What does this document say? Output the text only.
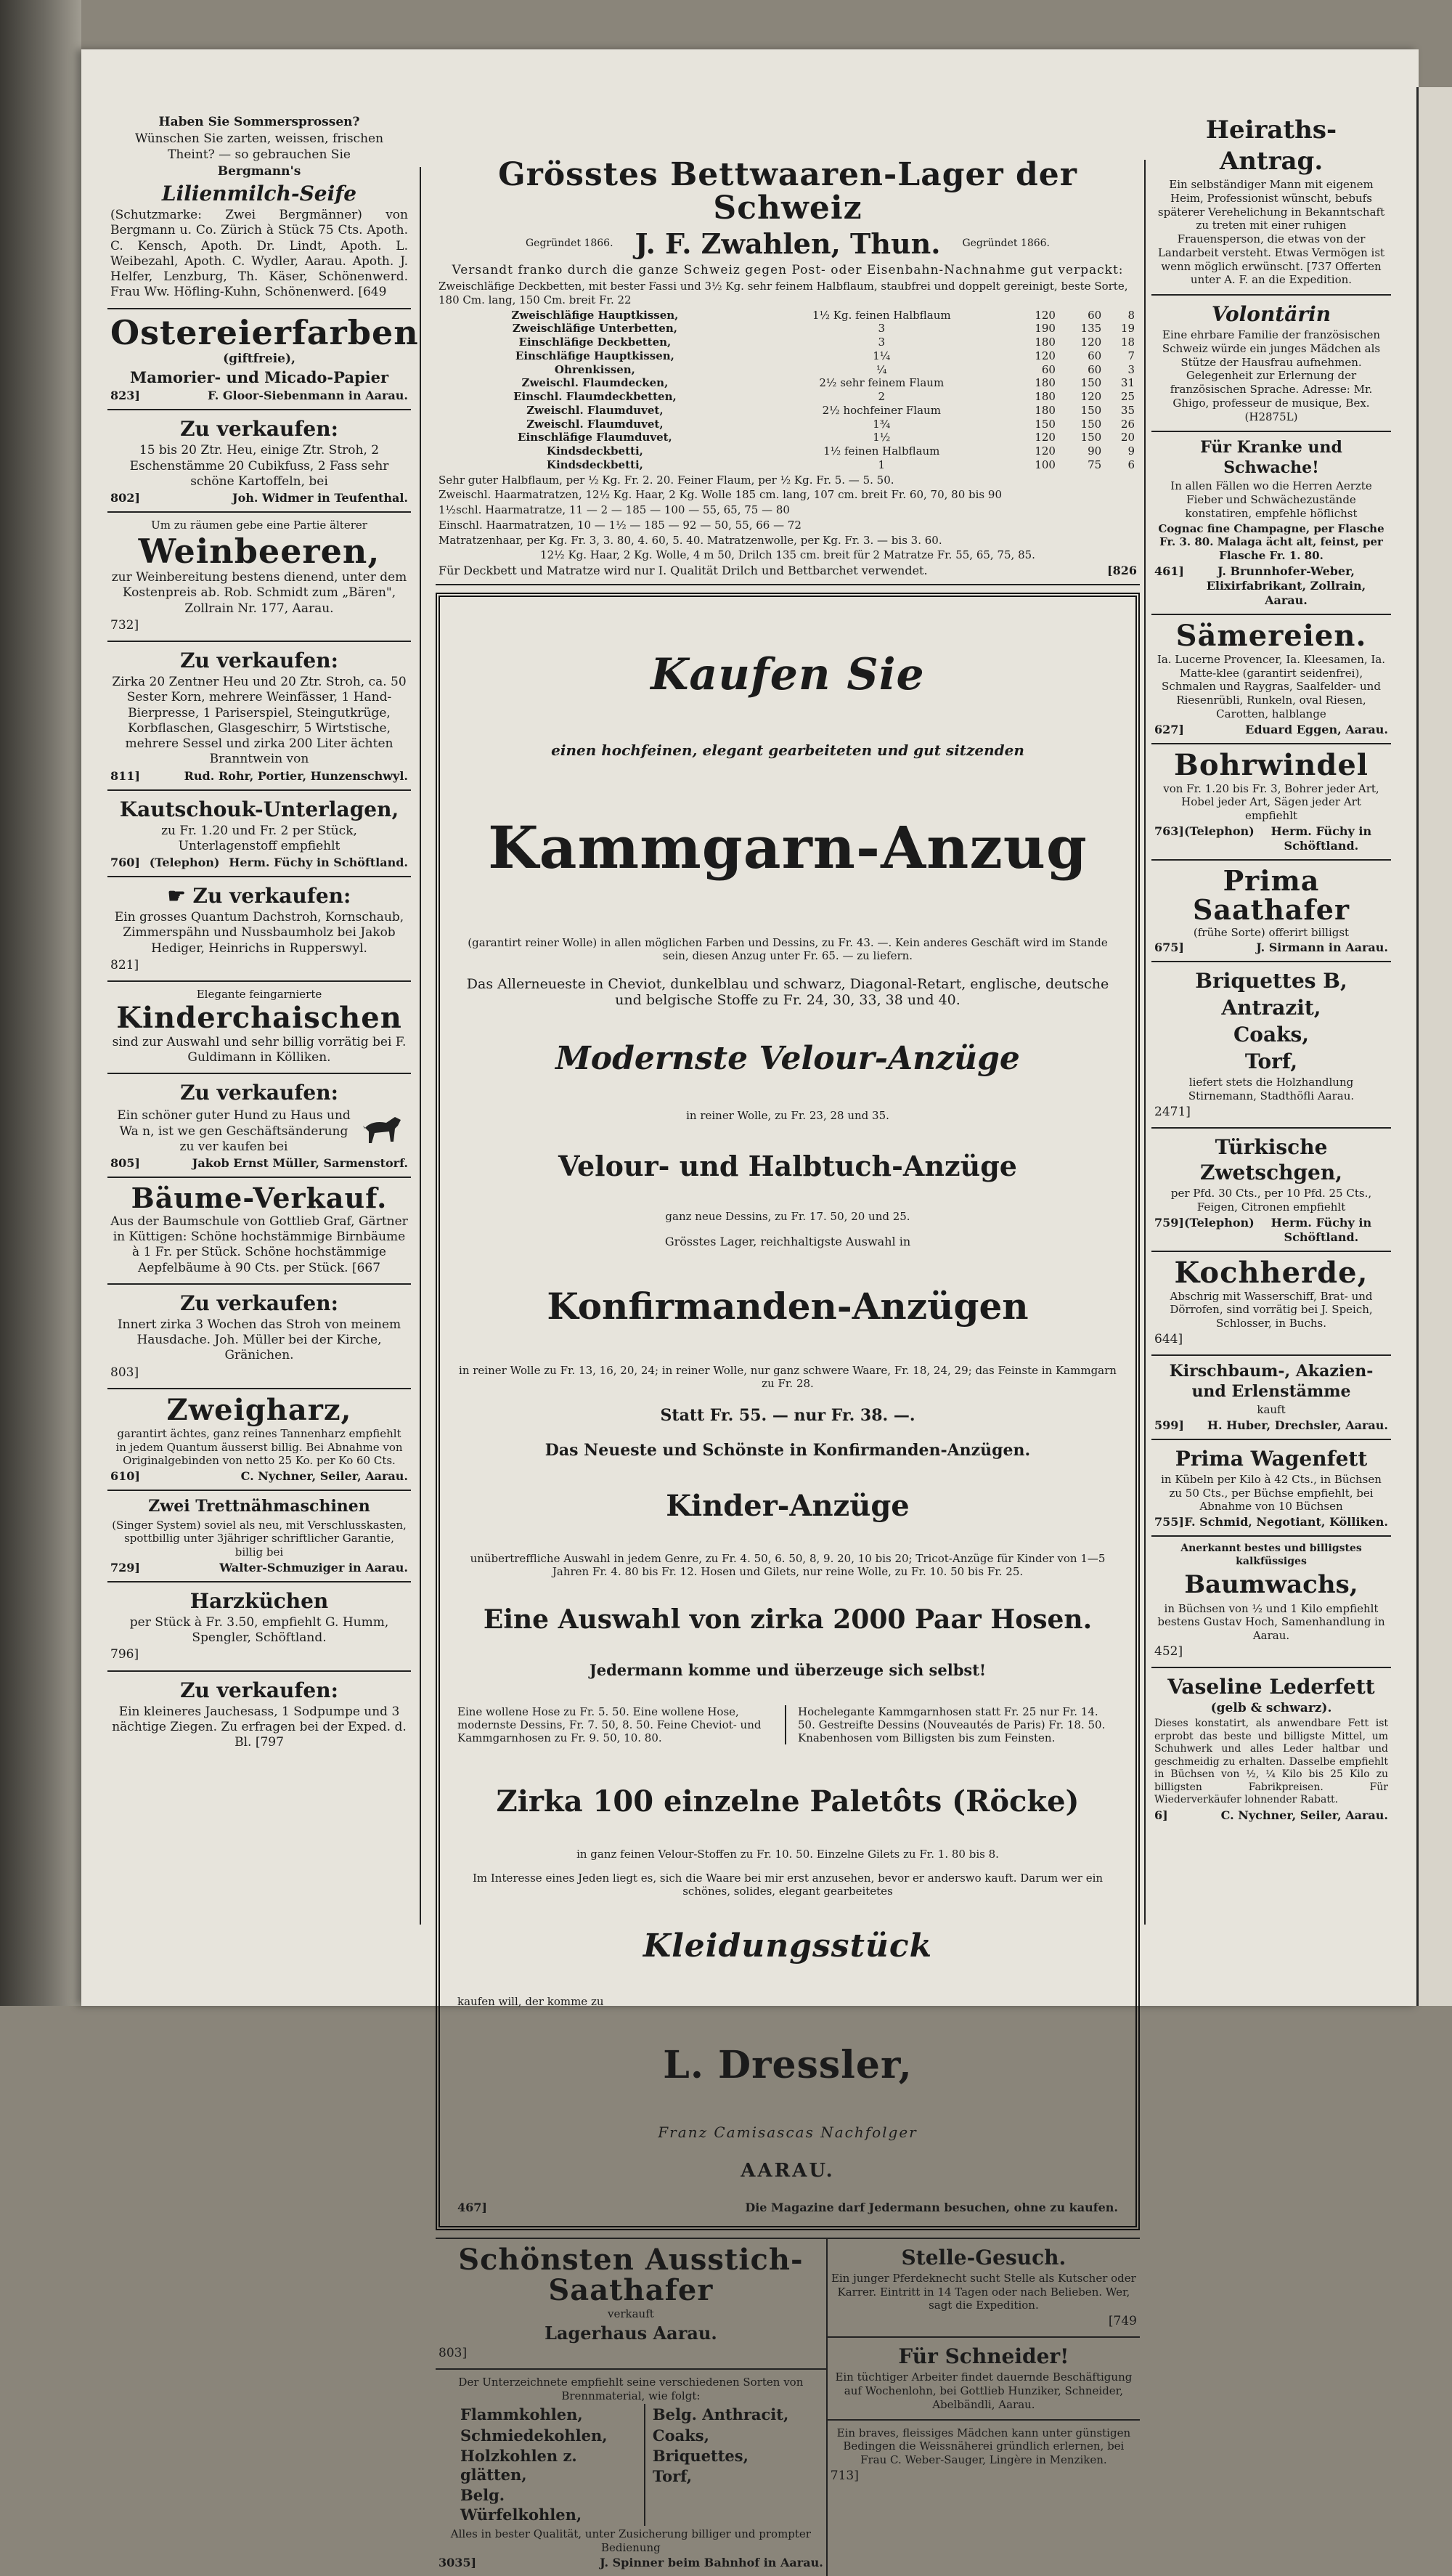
Haben Sie Sommersprossen?

Wünschen Sie zarten, weissen, frischen Theint? — so gebrauchen Sie

Bergmann's

Lilienmilch-Seife

(Schutzmarke: Zwei Bergmänner) von Bergmann u. Co. Zürich à Stück 75 Cts. Apoth. C. Kensch, Apoth. Dr. Lindt, Apoth. L. Weibezahl, Apoth. C. Wydler, Aarau. Apoth. J. Helfer, Lenzburg, Th. Käser, Schönenwerd. Frau Ww. Höfling-Kuhn, Schönenwerd. [649

Ostereierfarben

(giftfreie),

Mamorier- und Micado-Papier

823]	F. Gloor-Siebenmann in Aarau.

Zu verkaufen:

15 bis 20 Ztr. Heu, einige Ztr. Stroh, 2 Eschenstämme 20 Cubikfuss, 2 Fass sehr schöne Kartoffeln, bei

802]	Joh. Widmer in Teufenthal.

Um zu räumen gebe eine Partie älterer

Weinbeeren,

zur Weinbereitung bestens dienend, unter dem Kostenpreis ab. Rob. Schmidt zum „Bären", Zollrain Nr. 177, Aarau.

732]

Zu verkaufen:

Zirka 20 Zentner Heu und 20 Ztr. Stroh, ca. 50 Sester Korn, mehrere Weinfässer, 1 Hand-Bierpresse, 1 Pariserspiel, Steingutkrüge, Korbflaschen, Glasgeschirr, 5 Wirtstische, mehrere Sessel und zirka 200 Liter ächten Branntwein von

811]	Rud. Rohr, Portier, Hunzenschwyl.

Kautschouk-Unterlagen,

zu Fr. 1.20 und Fr. 2 per Stück, Unterlagenstoff empfiehlt

760] (Telephon) Herm. Füchy in Schöftland.

☛ Zu verkaufen:

Ein grosses Quantum Dachstroh, Kornschaub, Zimmerspähn und Nussbaumholz bei Jakob Hediger, Heinrichs in Rupperswyl.

821]

Elegante feingarnierte

Kinderchaischen

sind zur Auswahl und sehr billig vorrätig bei F. Guldimann in Kölliken.

Zu verkaufen:

Ein schöner guter Hund zu Haus und Wa n, ist we gen Geschäftsänderung zu ver kaufen bei

805]	Jakob Ernst Müller, Sarmenstorf.

Bäume-Verkauf.

Aus der Baumschule von Gottlieb Graf, Gärtner in Küttigen: Schöne hochstämmige Birnbäume à 1 Fr. per Stück. Schöne hochstämmige Aepfelbäume à 90 Cts. per Stück. [667

Zu verkaufen:

Innert zirka 3 Wochen das Stroh von meinem Hausdache. Joh. Müller bei der Kirche, Gränichen.

803]

Zweigharz,

garantirt ächtes, ganz reines Tannenharz empfiehlt in jedem Quantum äusserst billig. Bei Abnahme von Originalgebinden von netto 25 Ko. per Ko 60 Cts.

610]	C. Nychner, Seiler, Aarau.

Zwei Trettnähmaschinen

(Singer System) soviel als neu, mit Verschlusskasten, spottbillig unter 3jähriger schriftlicher Garantie, billig bei

729]	Walter-Schmuziger in Aarau.

Harzküchen

per Stück à Fr. 3.50, empfiehlt G. Humm, Spengler, Schöftland.

796]

Zu verkaufen:

Ein kleineres Jauchesass, 1 Sodpumpe und 3 nächtige Ziegen. Zu erfragen bei der Exped. d. Bl. [797

Grösstes Bettwaaren-Lager der Schweiz

Gegründet 1866. J. F. Zwahlen, Thun. Gegründet 1866.

Versandt franko durch die ganze Schweiz gegen Post- oder Eisenbahn-Nachnahme gut verpackt:

Zweischläfige Deckbetten, mit bester Fassi und 3½ Kg. sehr feinem Halbflaum, staubfrei und doppelt gereinigt, beste Sorte, 180 Cm. lang, 150 Cm. breit Fr. 22

Zweischläfige Hauptkissen,	1½ Kg. feinen Halbflaum	120	60	8
Zweischläfige Unterbetten,	3	190	135	19
Einschläfige Deckbetten,	3	180	120	18
Einschläfige Hauptkissen,	1¼	120	60	7
Ohrenkissen,	¼	60	60	3
Zweischl. Flaumdecken,	2½ sehr feinem Flaum	180	150	31
Einschl. Flaumdeckbetten,	2	180	120	25
Zweischl. Flaumduvet,	2½ hochfeiner Flaum	180	150	35
Zweischl. Flaumduvet,	1¾	150	150	26
Einschläfige Flaumduvet,	1½	120	150	20
Kindsdeckbetti,	1½ feinen Halbflaum	120	90	9
Kindsdeckbetti,	1	100	75	6

Sehr guter Halbflaum, per ½ Kg. Fr. 2. 20. Feiner Flaum, per ½ Kg. Fr. 5. — 5. 50.

Zweischl. Haarmatratzen, 12½ Kg. Haar, 2 Kg. Wolle 185 cm. lang, 107 cm. breit Fr. 60, 70, 80 bis 90

1½schl. Haarmatratze, 11 — 2 — 185 — 100 — 55, 65, 75 — 80

Einschl. Haarmatratzen, 10 — 1½ — 185 — 92 — 50, 55, 66 — 72

Matratzenhaar, per Kg. Fr. 3, 3. 80, 4. 60, 5. 40. Matratzenwolle, per Kg. Fr. 3. — bis 3. 60.

12½ Kg. Haar, 2 Kg. Wolle, 4 m 50, Drilch 135 cm. breit für 2 Matratze Fr. 55, 65, 75, 85.

Für Deckbett und Matratze wird nur I. Qualität Drilch und Bettbarchet verwendet.	[826

Kaufen Sie

einen hochfeinen, elegant gearbeiteten und gut sitzenden

Kammgarn-Anzug

(garantirt reiner Wolle) in allen möglichen Farben und Dessins, zu Fr. 43. —. Kein anderes Geschäft wird im Stande sein, diesen Anzug unter Fr. 65. — zu liefern.

Das Allerneueste in Cheviot, dunkelblau und schwarz, Diagonal-Retart, englische, deutsche und belgische Stoffe zu Fr. 24, 30, 33, 38 und 40.

Modernste Velour-Anzüge

in reiner Wolle, zu Fr. 23, 28 und 35.

Velour- und Halbtuch-Anzüge

ganz neue Dessins, zu Fr. 17. 50, 20 und 25.

Grösstes Lager, reichhaltigste Auswahl in

Konfirmanden-Anzügen

in reiner Wolle zu Fr. 13, 16, 20, 24; in reiner Wolle, nur ganz schwere Waare, Fr. 18, 24, 29; das Feinste in Kammgarn zu Fr. 28.

Statt Fr. 55. — nur Fr. 38. —.

Das Neueste und Schönste in Konfirmanden-Anzügen.

Kinder-Anzüge

unübertreffliche Auswahl in jedem Genre, zu Fr. 4. 50, 6. 50, 8, 9. 20, 10 bis 20; Tricot-Anzüge für Kinder von 1—5 Jahren Fr. 4. 80 bis Fr. 12. Hosen und Gilets, nur reine Wolle, zu Fr. 10. 50 bis Fr. 25.

Eine Auswahl von zirka 2000 Paar Hosen.

Jedermann komme und überzeuge sich selbst!

Eine wollene Hose zu Fr. 5. 50. Eine wollene Hose, modernste Dessins, Fr. 7. 50, 8. 50. Feine Cheviot- und Kammgarnhosen zu Fr. 9. 50, 10. 80.

Hochelegante Kammgarnhosen statt Fr. 25 nur Fr. 14. 50. Gestreifte Dessins (Nouveautés de Paris) Fr. 18. 50. Knabenhosen vom Billigsten bis zum Feinsten.

Zirka 100 einzelne Paletôts (Röcke)

in ganz feinen Velour-Stoffen zu Fr. 10. 50. Einzelne Gilets zu Fr. 1. 80 bis 8.

Im Interesse eines Jeden liegt es, sich die Waare bei mir erst anzusehen, bevor er anderswo kauft. Darum wer ein schönes, solides, elegant gearbeitetes

Kleidungsstück

kaufen will, der komme zu

L. Dressler,

Franz Camisascas Nachfolger

AARAU.

467]	Die Magazine darf Jedermann besuchen, ohne zu kaufen.

Schönsten Ausstich-Saathafer

verkauft

Lagerhaus Aarau.

803]

Der Unterzeichnete empfiehlt seine verschiedenen Sorten von Brennmaterial, wie folgt:

Flammkohlen,

Schmiedekohlen,

Holzkohlen z. glätten,

Belg. Würfelkohlen,

Belg. Anthracit,

Coaks,

Briquettes,

Torf,

Alles in bester Qualität, unter Zusicherung billiger und prompter Bedienung

3035]	J. Spinner beim Bahnhof in Aarau.

Stelle-Gesuch.

Ein junger Pferdeknecht sucht Stelle als Kutscher oder Karrer. Eintritt in 14 Tagen oder nach Belieben. Wer, sagt die Expedition.

[749

Für Schneider!

Ein tüchtiger Arbeiter findet dauernde Beschäftigung auf Wochenlohn, bei Gottlieb Hunziker, Schneider, Abelbändli, Aarau.

Ein braves, fleissiges Mädchen kann unter günstigen Bedingen die Weissnäherei gründlich erlernen, bei Frau C. Weber-Sauger, Lingère in Menziken.

713]

Heiraths-Antrag.

Ein selbständiger Mann mit eigenem Heim, Professionist wünscht, bebufs späterer Verehelichung in Bekanntschaft zu treten mit einer ruhigen Frauensperson, die etwas von der Landarbeit versteht. Etwas Vermögen ist wenn möglich erwünscht. [737 Offerten unter A. F. an die Expedition.

Volontärin

Eine ehrbare Familie der französischen Schweiz würde ein junges Mädchen als Stütze der Hausfrau aufnehmen. Gelegenheit zur Erlernung der französischen Sprache. Adresse: Mr. Ghigo, professeur de musique, Bex. (H2875L)

Für Kranke und Schwache!

In allen Fällen wo die Herren Aerzte Fieber und Schwächezustände konstatiren, empfehle höflichst

Cognac fine Champagne, per Flasche Fr. 3. 80. Malaga ächt alt, feinst, per Flasche Fr. 1. 80.

461]	J. Brunnhofer-Weber, Elixirfabrikant, Zollrain, Aarau.

Sämereien.

Ia. Lucerne Provencer, Ia. Kleesamen, Ia. Matte-klee (garantirt seidenfrei), Schmalen und Raygras, Saalfelder- und Riesenrübli, Runkeln, oval Riesen, Carotten, halblange

627]	Eduard Eggen, Aarau.

Bohrwindel

von Fr. 1.20 bis Fr. 3, Bohrer jeder Art, Hobel jeder Art, Sägen jeder Art empfiehlt

763] (Telephon)	Herm. Füchy in Schöftland.

Prima Saathafer

(frühe Sorte) offerirt billigst

675]	J. Sirmann in Aarau.

Briquettes B,

Antrazit,

Coaks,

Torf,

liefert stets die Holzhandlung Stirnemann, Stadthöfli Aarau.

2471]

Türkische Zwetschgen,

per Pfd. 30 Cts., per 10 Pfd. 25 Cts., Feigen, Citronen empfiehlt

759] (Telephon)	Herm. Füchy in Schöftland.

Kochherde,

Abschrig mit Wasserschiff, Brat- und Dörrofen, sind vorrätig bei J. Speich, Schlosser, in Buchs.

644]

Kirschbaum-, Akazien- und Erlenstämme

kauft

599] H. Huber, Drechsler, Aarau.

Prima Wagenfett

in Kübeln per Kilo à 42 Cts., in Büchsen zu 50 Cts., per Büchse empfiehlt, bei Abnahme von 10 Büchsen

755] F. Schmid, Negotiant, Kölliken.

Anerkannt bestes und billigstes kalkfüssiges

Baumwachs,

in Büchsen von ½ und 1 Kilo empfiehlt bestens Gustav Hoch, Samenhandlung in Aarau.

452]

Vaseline Lederfett

(gelb & schwarz).

Dieses konstatirt, als anwendbare Fett ist erprobt das beste und billigste Mittel, um Schuhwerk und alles Leder haltbar und geschmeidig zu erhalten. Dasselbe empfiehlt in Büchsen von ½, ¼ Kilo bis 25 Kilo zu billigsten Fabrikpreisen. Für Wiederverkäufer lohnender Rabatt.

6]	C. Nychner, Seiler, Aarau.
